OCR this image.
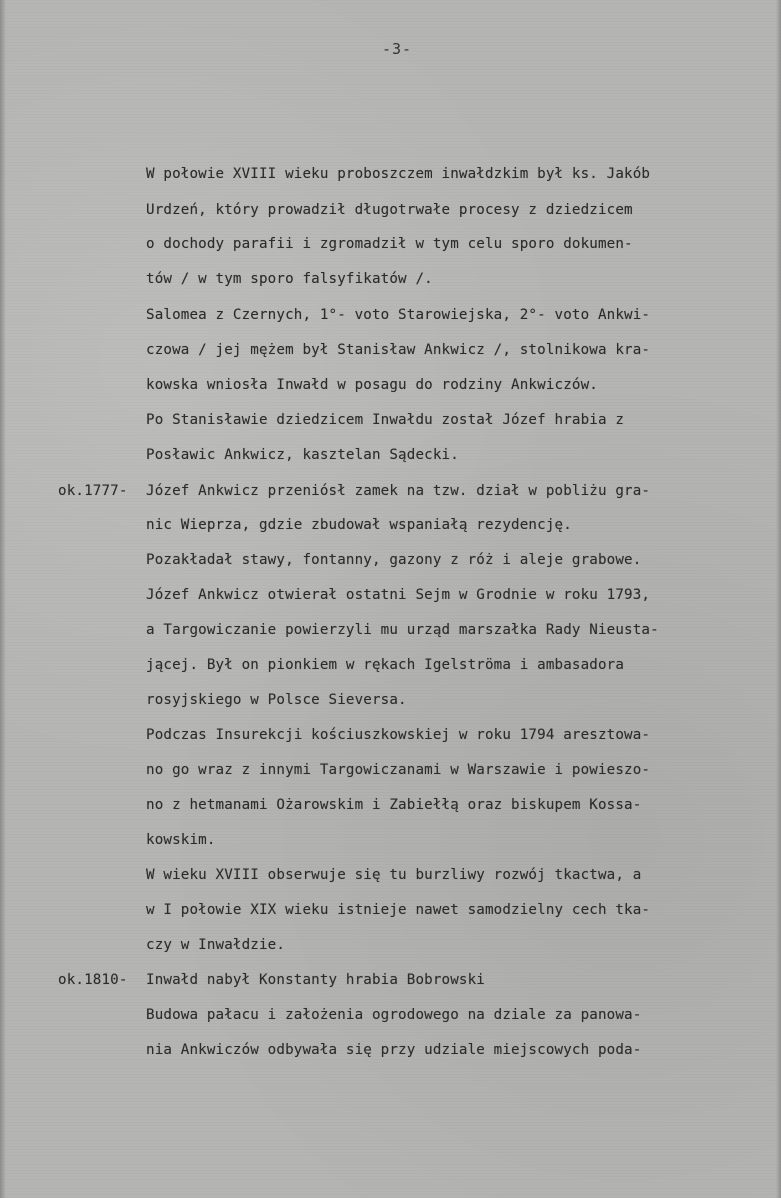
-3-
W połowie XVIII wieku proboszczem inwałdzkim był ks. Jakób
Urdzeń, który prowadził długotrwałe procesy z dziedzicem
o dochody parafii i zgromadził w tym celu sporo dokumen-
tów / w tym sporo falsyfikatów /.
Salomea z Czernych, 1°- voto Starowiejska, 2°- voto Ankwi-
czowa / jej mężem był Stanisław Ankwicz /, stolnikowa kra-
kowska wniosła Inwałd w posagu do rodziny Ankwiczów.
Po Stanisławie dziedzicem Inwałdu został Józef hrabia z
Posławic Ankwicz, kasztelan Sądecki.
ok.1777- Józef Ankwicz przeniósł zamek na tzw. dział w pobliżu gra-
nic Wieprza, gdzie zbudował wspaniałą rezydencję.
Pozakładał stawy, fontanny, gazony z róż i aleje grabowe.
Józef Ankwicz otwierał ostatni Sejm w Grodnie w roku 1793,
a Targowiczanie powierzyli mu urząd marszałka Rady Nieusta-
jącej. Był on pionkiem w rękach Igelströma i ambasadora
rosyjskiego w Polsce Sieversa.
Podczas Insurekcji kościuszkowskiej w roku 1794 aresztowa-
no go wraz z innymi Targowiczanami w Warszawie i powieszo-
no z hetmanami Ożarowskim i Zabiełłą oraz biskupem Kossa-
kowskim.
W wieku XVIII obserwuje się tu burzliwy rozwój tkactwa, a
w I połowie XIX wieku istnieje nawet samodzielny cech tka-
czy w Inwałdzie.
ok.1810- Inwałd nabył Konstanty hrabia Bobrowski
Budowa pałacu i założenia ogrodowego na dziale za panowa-
nia Ankwiczów odbywała się przy udziale miejscowych poda-
